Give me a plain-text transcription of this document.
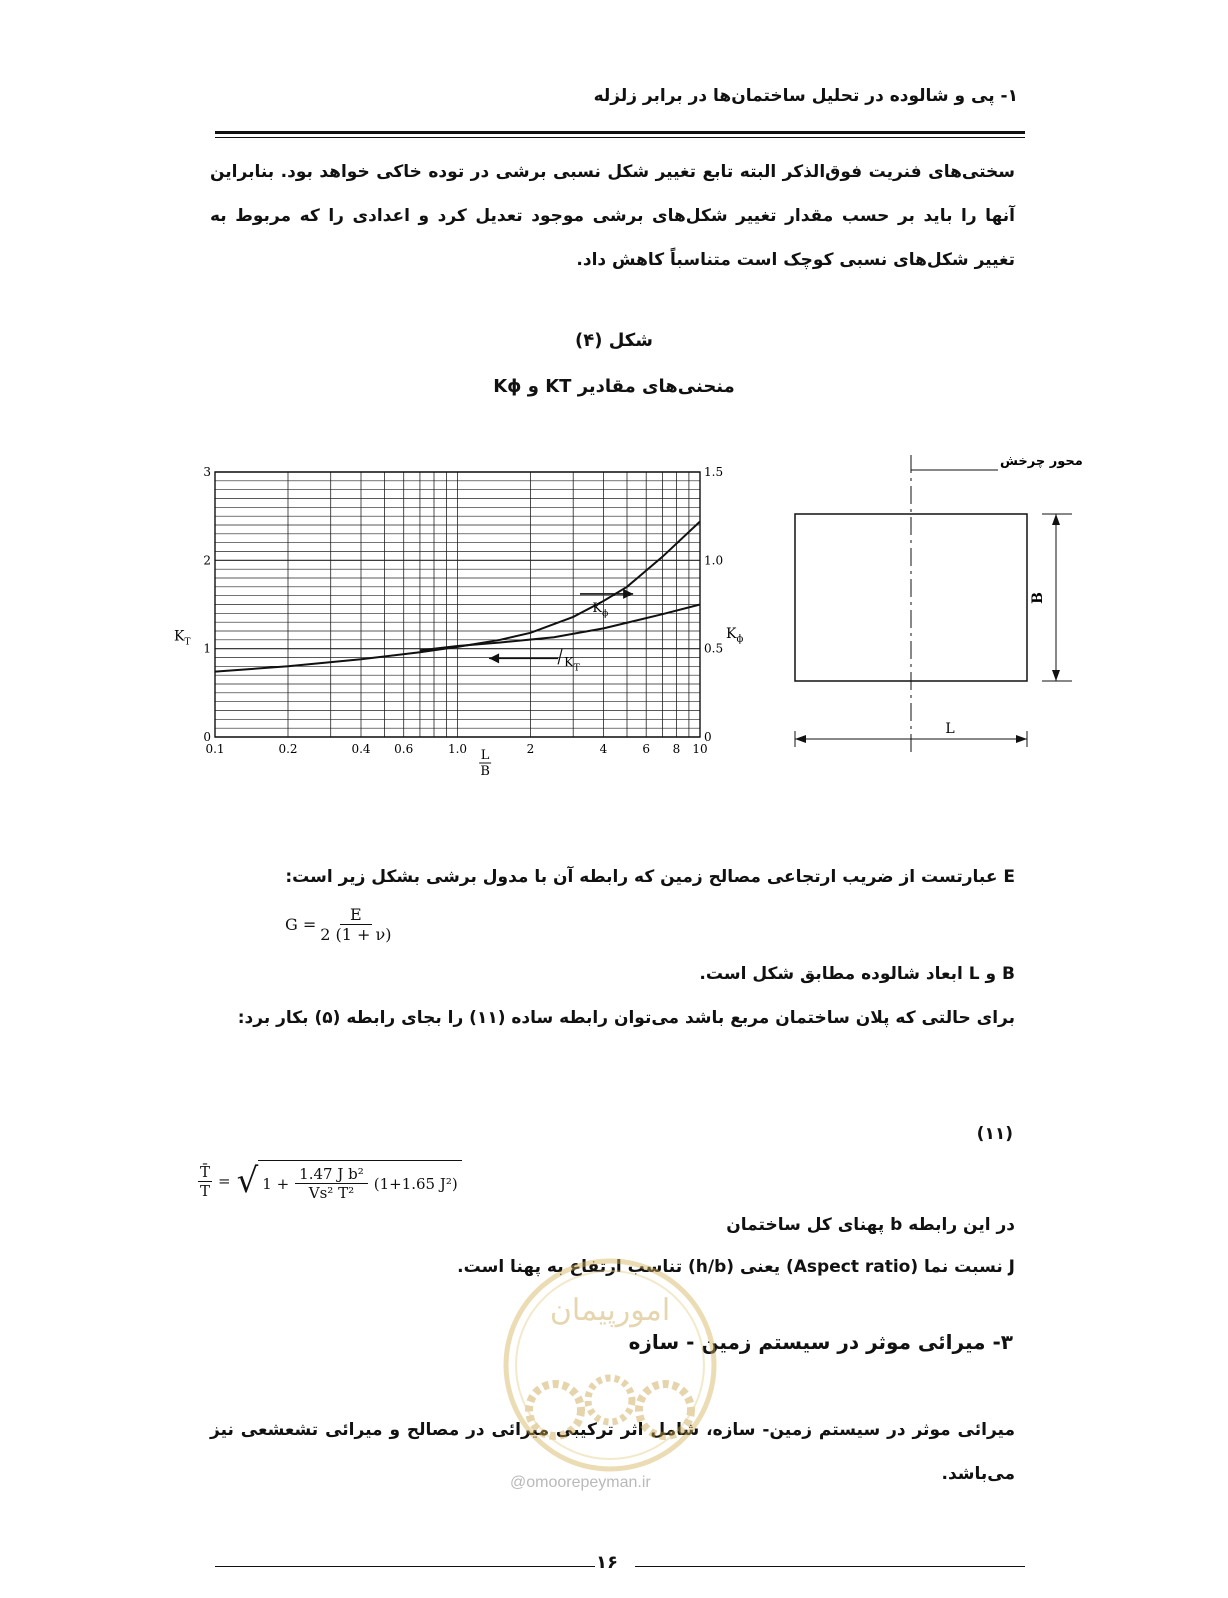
۱- پی و شالوده در تحلیل ساختمان‌ها در برابر زلزله
سختی‌های فنریت فوق‌الذکر البته تابع تغییر شکل نسبی برشی در توده خاکی خواهد بود. بنابراین آنها را باید بر حسب مقدار تغییر شکل‌های برشی موجود تعدیل کرد و اعدادی را که مربوط به تغییر شکل‌های نسبی کوچک است متناسباً کاهش داد.
شکل (۴)
منحنی‌های مقادیر KT و Kϕ
0.1	0.2	0.4 0.6	1.0	2	4	6 8 10
0
1
2
3
0
0.5
1.0
1.5
$K_T$
$K_\phi$
L
B
$K_\phi$
$K_T$
محور چرخش
B
L
E عبارتست از ضریب ارتجاعی مصالح زمین که رابطه آن با مدول برشی بشکل زیر است:
$G = \frac{E}{2 (1 + \nu)}$
B و L ابعاد شالوده مطابق شکل است.
برای حالتی که پلان ساختمان مربع باشد می‌توان رابطه ساده (۱۱) را بجای رابطه (۵) بکار برد:
(۱۱)
$\frac{T̄}{T}$ = √ $1 + \frac{\text{1.47 J b²}}{\text{Vs² T²}} (1+1.65$ J²)
در این رابطه b پهنای کل ساختمان
J نسبت نما (Aspect ratio) یعنی (h/b) تناسب ارتفاع به پهنا است.
۳- میرائی موثر در سیستم زمین - سازه
میرائی موثر در سیستم زمین- سازه، شامل اثر ترکیبی میرائی در مصالح و میرائی تشعشعی نیز می‌باشد.
امورپیمان
@omoorepeyman.ir
۱۶
